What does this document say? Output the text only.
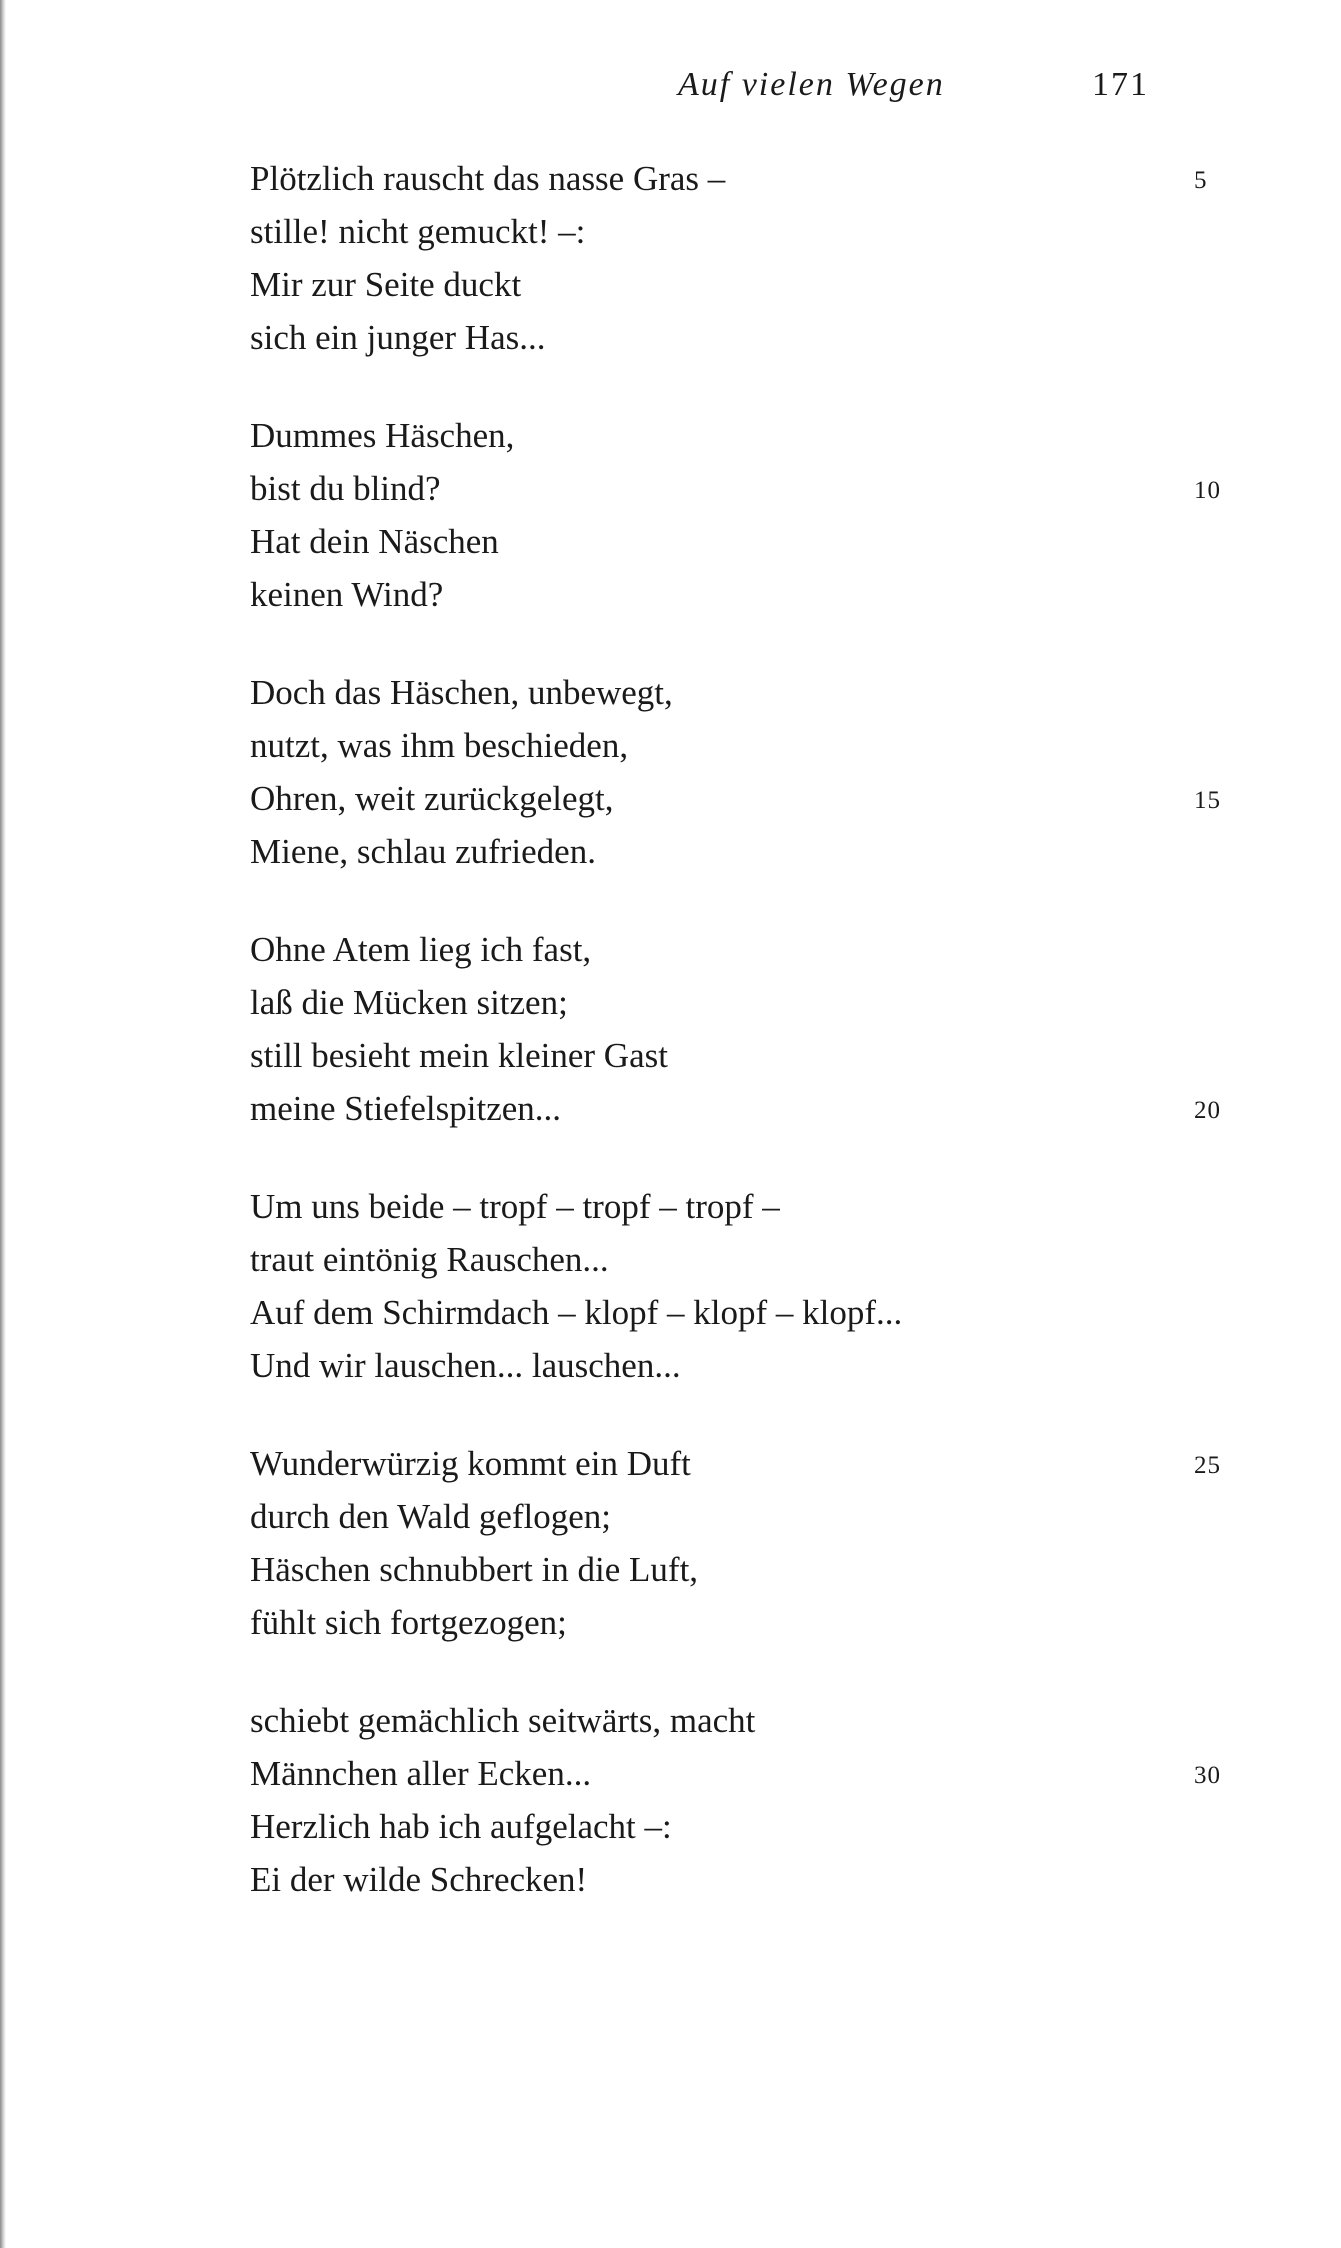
Auf vielen Wegen	171
Plötzlich rauscht das nasse Gras –	5
stille! nicht gemuckt! –:
Mir zur Seite duckt
sich ein junger Has...
Dummes Häschen,
bist du blind?	10
Hat dein Näschen
keinen Wind?
Doch das Häschen, unbewegt,
nutzt, was ihm beschieden,
Ohren, weit zurückgelegt,	15
Miene, schlau zufrieden.
Ohne Atem lieg ich fast,
laß die Mücken sitzen;
still besieht mein kleiner Gast
meine Stiefelspitzen...	20
Um uns beide – tropf – tropf – tropf –
traut eintönig Rauschen...
Auf dem Schirmdach – klopf – klopf – klopf...
Und wir lauschen... lauschen...
Wunderwürzig kommt ein Duft	25
durch den Wald geflogen;
Häschen schnubbert in die Luft,
fühlt sich fortgezogen;
schiebt gemächlich seitwärts, macht
Männchen aller Ecken...	30
Herzlich hab ich aufgelacht –:
Ei der wilde Schrecken!
